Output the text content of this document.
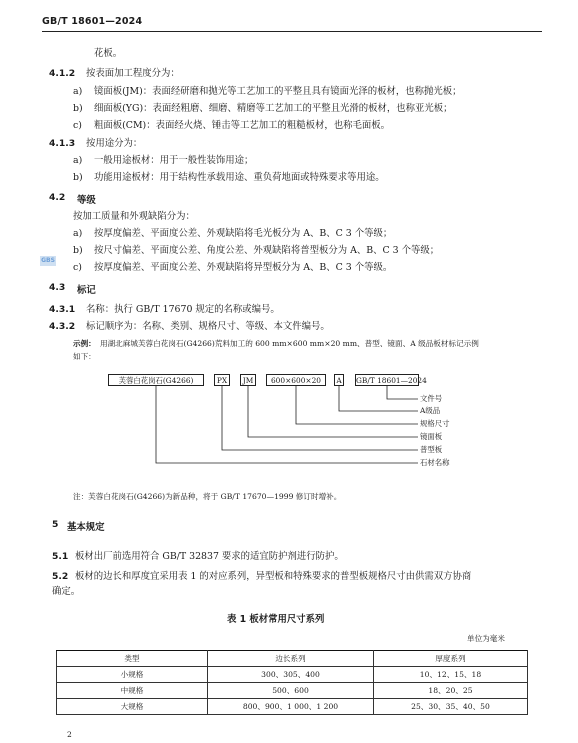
GB/T 18601—2024
花板。
4.1.2 按表面加工程度分为：
a) 镜面板(JM)：表面经研磨和抛光等工艺加工的平整且具有镜面光泽的板材，也称抛光板；
b) 细面板(YG)：表面经粗磨、细磨、精磨等工艺加工的平整且光滑的板材，也称亚光板；
c) 粗面板(CM)：表面经火烧、锤击等工艺加工的粗糙板材，也称毛面板。
4.1.3 按用途分为：
a) 一般用途板材：用于一般性装饰用途；
b) 功能用途板材：用于结构性承载用途、重负荷地面或特殊要求等用途。
4.2 等级
按加工质量和外观缺陷分为：
a) 按厚度偏差、平面度公差、外观缺陷将毛光板分为 A、B、C 3 个等级；
b) 按尺寸偏差、平面度公差、角度公差、外观缺陷将普型板分为 A、B、C 3 个等级；
c) 按厚度偏差、平面度公差、外观缺陷将异型板分为 A、B、C 3 个等级。
GBS
4.3 标记
4.3.1 名称：执行 GB/T 17670 规定的名称或编号。
4.3.2 标记顺序为：名称、类别、规格尺寸、等级、本文件编号。
示例： 用湖北麻城芙蓉白花岗石(G4266)荒料加工的 600 mm×600 mm×20 mm、普型、镜面、A 级品板材标记示例
如下：
芙蓉白花岗石(G4266)	PX	JM	600×600×20	A	GB/T 18601—2024
文件号
A级品
规格尺寸
镜面板
普型板
石材名称
注：芙蓉白花岗石(G4266)为新品种，将于 GB/T 17670—1999 修订时增补。
5 基本规定
5.1 板材出厂前选用符合 GB/T 32837 要求的适宜防护剂进行防护。
5.2 板材的边长和厚度宜采用表 1 的对应系列，异型板和特殊要求的普型板规格尺寸由供需双方协商
确定。
表 1 板材常用尺寸系列
单位为毫米
类型	边长系列	厚度系列
小规格	300、305、400	10、12、15、18
中规格	500、600	18、20、25
大规格	800、900、1 000、1 200	25、30、35、40、50
2
